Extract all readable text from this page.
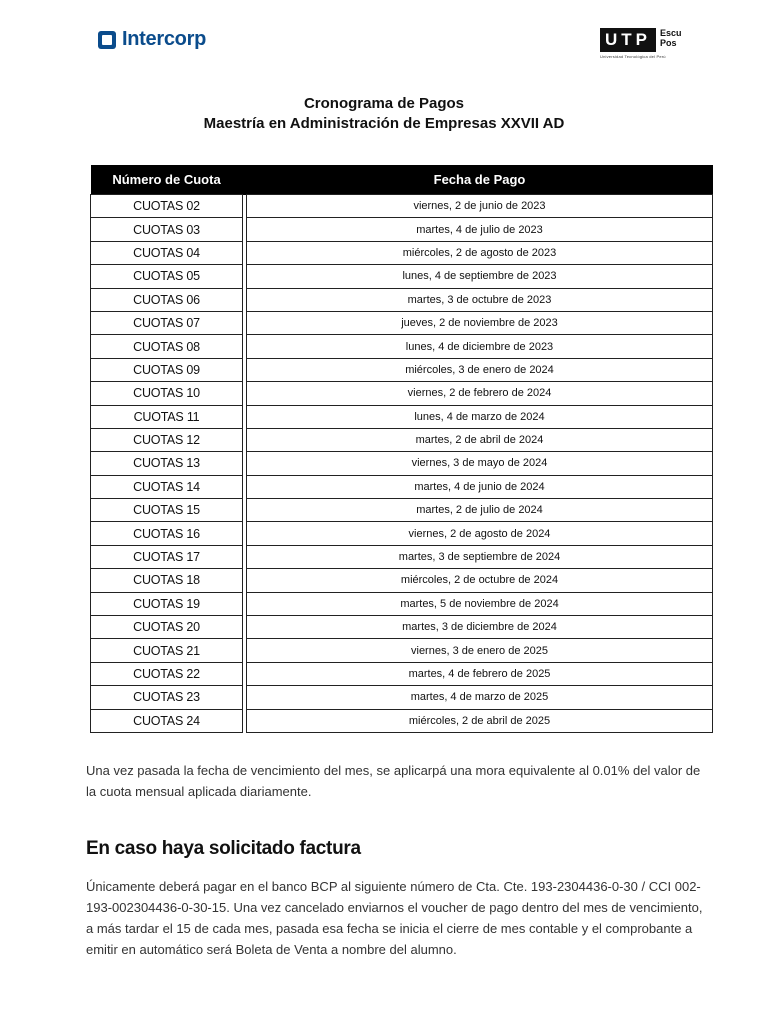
Intercorp	UTP	Escu
Pos
Universidad Tecnológica del Perú
Cronograma de Pagos
Maestría en Administración de Empresas XXVII AD
Número de Cuota		Fecha de Pago
CUOTAS 02		viernes, 2 de junio de 2023
CUOTAS 03		martes, 4 de julio de 2023
CUOTAS 04		miércoles, 2 de agosto de 2023
CUOTAS 05		lunes, 4 de septiembre de 2023
CUOTAS 06		martes, 3 de octubre de 2023
CUOTAS 07		jueves, 2 de noviembre de 2023
CUOTAS 08		lunes, 4 de diciembre de 2023
CUOTAS 09		miércoles, 3 de enero de 2024
CUOTAS 10		viernes, 2 de febrero de 2024
CUOTAS 11		lunes, 4 de marzo de 2024
CUOTAS 12		martes, 2 de abril de 2024
CUOTAS 13		viernes, 3 de mayo de 2024
CUOTAS 14		martes, 4 de junio de 2024
CUOTAS 15		martes, 2 de julio de 2024
CUOTAS 16		viernes, 2 de agosto de 2024
CUOTAS 17		martes, 3 de septiembre de 2024
CUOTAS 18		miércoles, 2 de octubre de 2024
CUOTAS 19		martes, 5 de noviembre de 2024
CUOTAS 20		martes, 3 de diciembre de 2024
CUOTAS 21		viernes, 3 de enero de 2025
CUOTAS 22		martes, 4 de febrero de 2025
CUOTAS 23		martes, 4 de marzo de 2025
CUOTAS 24		miércoles, 2 de abril de 2025
Una vez pasada la fecha de vencimiento del mes, se aplicarpá una mora equivalente al 0.01% del valor de la cuota mensual aplicada diariamente.
En caso haya solicitado factura
Únicamente deberá pagar en el banco BCP al siguiente número de Cta. Cte. 193-2304436-0-30 / CCI 002-193-002304436-0-30-15. Una vez cancelado enviarnos el voucher de pago dentro del mes de vencimiento, a más tardar el 15 de cada mes, pasada esa fecha se inicia el cierre de mes contable y el comprobante a emitir en automático será Boleta de Venta a nombre del alumno.
